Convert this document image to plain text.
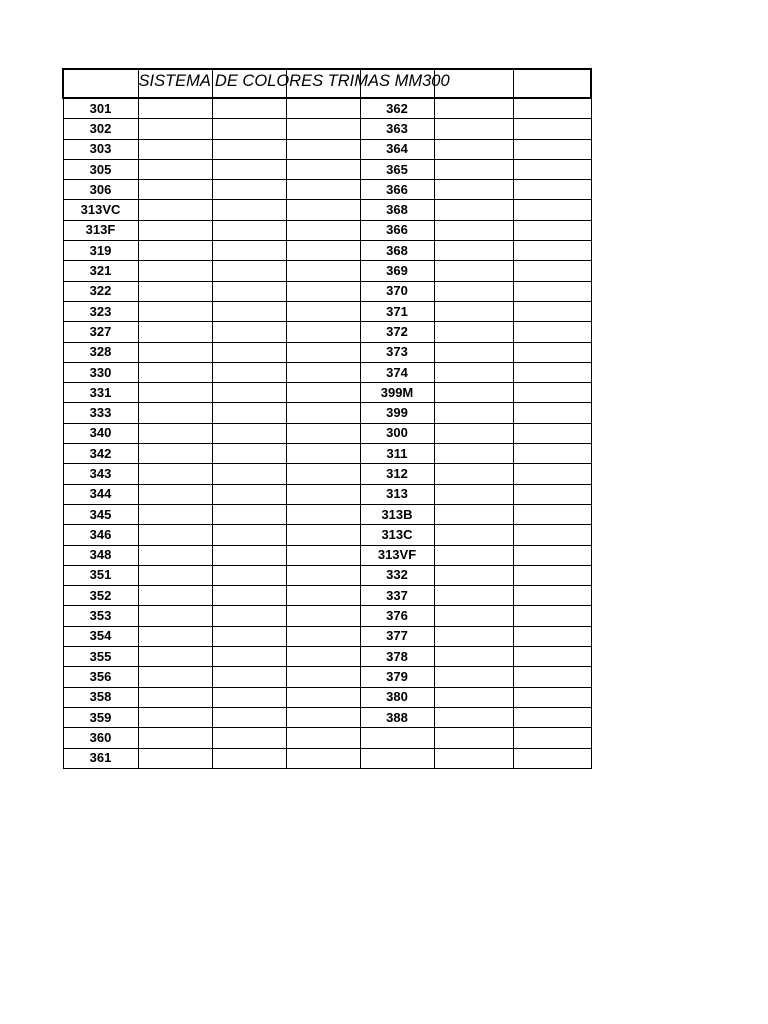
	SISTEMA DE COLORES TRIMAS MM300					

301				362		
302				363		
303				364		
305				365		
306				366		
313VC				368		
313F				366		
319				368		
321				369		
322				370		
323				371		
327				372		
328				373		
330				374		
331				399M		
333				399		
340				300		
342				311		
343				312		
344				313		
345				313B		
346				313C		
348				313VF		
351				332		
352				337		
353				376		
354				377		
355				378		
356				379		
358				380		
359				388		
360						
361						
